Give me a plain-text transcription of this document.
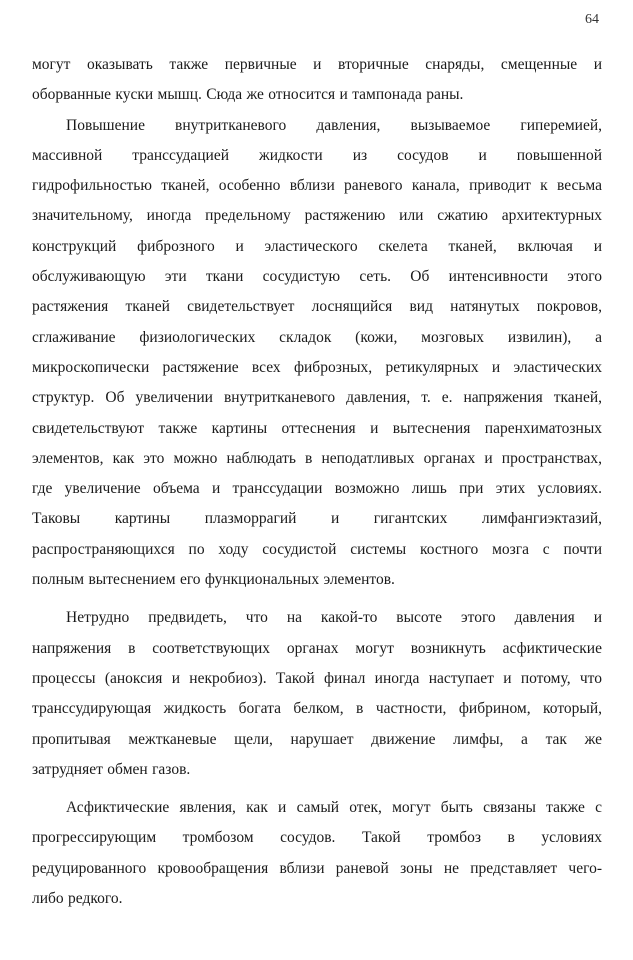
64
могут оказывать также первичные и вторичные снаряды, смещенные и
оборванные куски мышц. Сюда же относится и тампонада раны.
Повышение внутритканевого давления, вызываемое гиперемией,
массивной транссудацией жидкости из сосудов и повышенной
гидрофильностью тканей, особенно вблизи раневого канала, приводит к весьма
значительному, иногда предельному растяжению или сжатию архитектурных
конструкций фиброзного и эластического скелета тканей, включая и
обслуживающую эти ткани сосудистую сеть. Об интенсивности этого
растяжения тканей свидетельствует лоснящийся вид натянутых покровов,
сглаживание физиологических складок (кожи, мозговых извилин), а
микроскопически растяжение всех фиброзных, ретикулярных и эластических
структур. Об увеличении внутритканевого давления, т. е. напряжения тканей,
свидетельствуют также картины оттеснения и вытеснения паренхиматозных
элементов, как это можно наблюдать в неподатливых органах и пространствах,
где увеличение объема и транссудации возможно лишь при этих условиях.
Таковы картины плазморрагий и гигантских лимфангиэктазий,
распространяющихся по ходу сосудистой системы костного мозга с почти
полным вытеснением его функциональных элементов.
Нетрудно предвидеть, что на какой-то высоте этого давления и
напряжения в соответствующих органах могут возникнуть асфиктические
процессы (аноксия и некробиоз). Такой финал иногда наступает и потому, что
транссудирующая жидкость богата белком, в частности, фибрином, который,
пропитывая межтканевые щели, нарушает движение лимфы, а так же
затрудняет обмен газов.
Асфиктические явления, как и самый отек, могут быть связаны также с
прогрессирующим тромбозом сосудов. Такой тромбоз в условиях
редуцированного кровообращения вблизи раневой зоны не представляет чего-
либо редкого.
